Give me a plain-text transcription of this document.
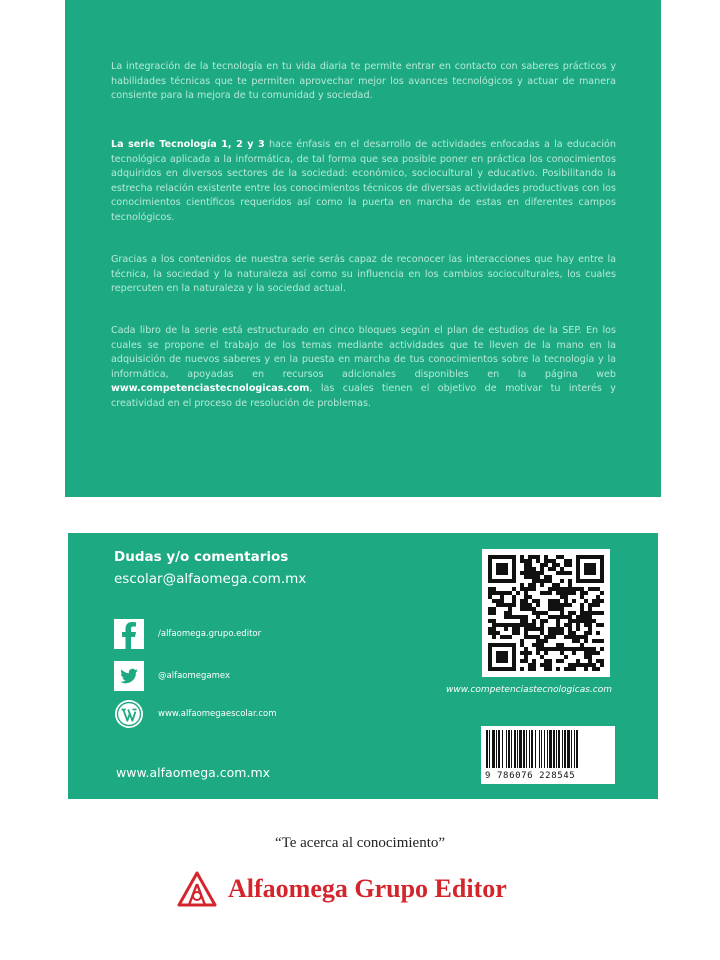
La integración de la tecnología en tu vida diaria te permite entrar en contacto con saberes prácticos y habilidades técnicas que te permiten aprovechar mejor los avances tecnológicos y actuar de manera consiente para la mejora de tu comunidad y sociedad.

La serie Tecnología 1, 2 y 3 hace énfasis en el desarrollo de actividades enfocadas a la educación tecnológica aplicada a la informática, de tal forma que sea posible poner en práctica los conocimientos adquiridos en diversos sectores de la sociedad: económico, sociocultural y educativo. Posibilitando la estrecha relación existente entre los conocimientos técnicos de diversas actividades productivas con los conocimientos científicos requeridos así como la puerta en marcha de estas en diferentes campos tecnológicos.

Gracias a los contenidos de nuestra serie serás capaz de reconocer las interacciones que hay entre la técnica, la sociedad y la naturaleza así como su influencia en los cambios socioculturales, los cuales repercuten en la naturaleza y la sociedad actual.

Cada libro de la serie está estructurado en cinco bloques según el plan de estudios de la SEP. En los cuales se propone el trabajo de los temas mediante actividades que te lleven de la mano en la adquisición de nuevos saberes y en la puesta en marcha de tus conocimientos sobre la tecnología y la informática, apoyadas en recursos adicionales disponibles en la página web www.competenciastecnologicas.com, las cuales tienen el objetivo de motivar tu interés y creatividad en el proceso de resolución de problemas.

Dudas y/o comentarios

escolar@alfaomega.com.mx

/alfaomega.grupo.editor
@alfaomegamex
www.alfaomegaescolar.com

www.alfaomega.com.mx

www.competenciastecnologicas.com

9 786076 228545

“Te acerca al conocimiento”

Alfaomega Grupo Editor
